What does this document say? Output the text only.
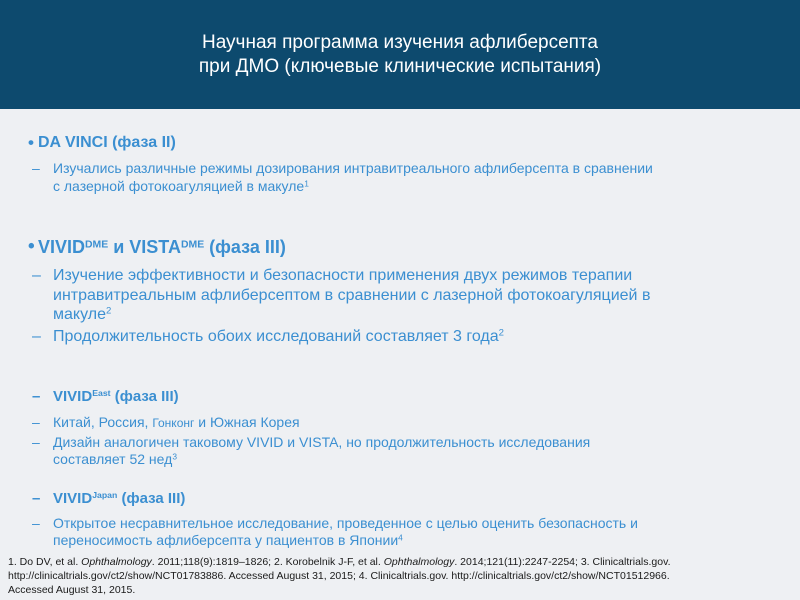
Научная программа изучения афлиберсепта
при ДМО (ключевые клинические испытания)
• DA VINCI (фаза II)
– Изучались различные режимы дозирования интравитреального афлиберсепта в сравнении
с лазерной фотокоагуляцией в макуле$^1$
• $VIVID^{DME}$ и $VISTA^{DME}$ (фаза III)
– Изучение эффективности и безопасности применения двух режимов терапии
интравитреальным афлиберсептом в сравнении с лазерной фотокоагуляцией в
макуле$^2$
– Продолжительность обоих исследований составляет 3 года$^2$
– $VIVID^{East}$ (фаза III)
– Китай, Россия, Гонконг и Южная Корея
– Дизайн аналогичен таковому VIVID и VISTA, но продолжительность исследования
составляет 52 нед$^3$
– $VIVID^{Japan}$ (фаза III)
– Открытое несравнительное исследование, проведенное с целью оценить безопасность и
переносимость афлиберсепта у пациентов в Японии$^4$
1. Do DV, et al. Ophthalmology. 2011;118(9):1819–1826; 2. Korobelnik J-F, et al. Ophthalmology. 2014;121(11):2247-2254; 3. Clinicaltrials.gov.
http://clinicaltrials.gov/ct2/show/NCT01783886. Accessed August 31, 2015; 4. Clinicaltrials.gov. http://clinicaltrials.gov/ct2/show/NCT01512966.
Accessed August 31, 2015.
